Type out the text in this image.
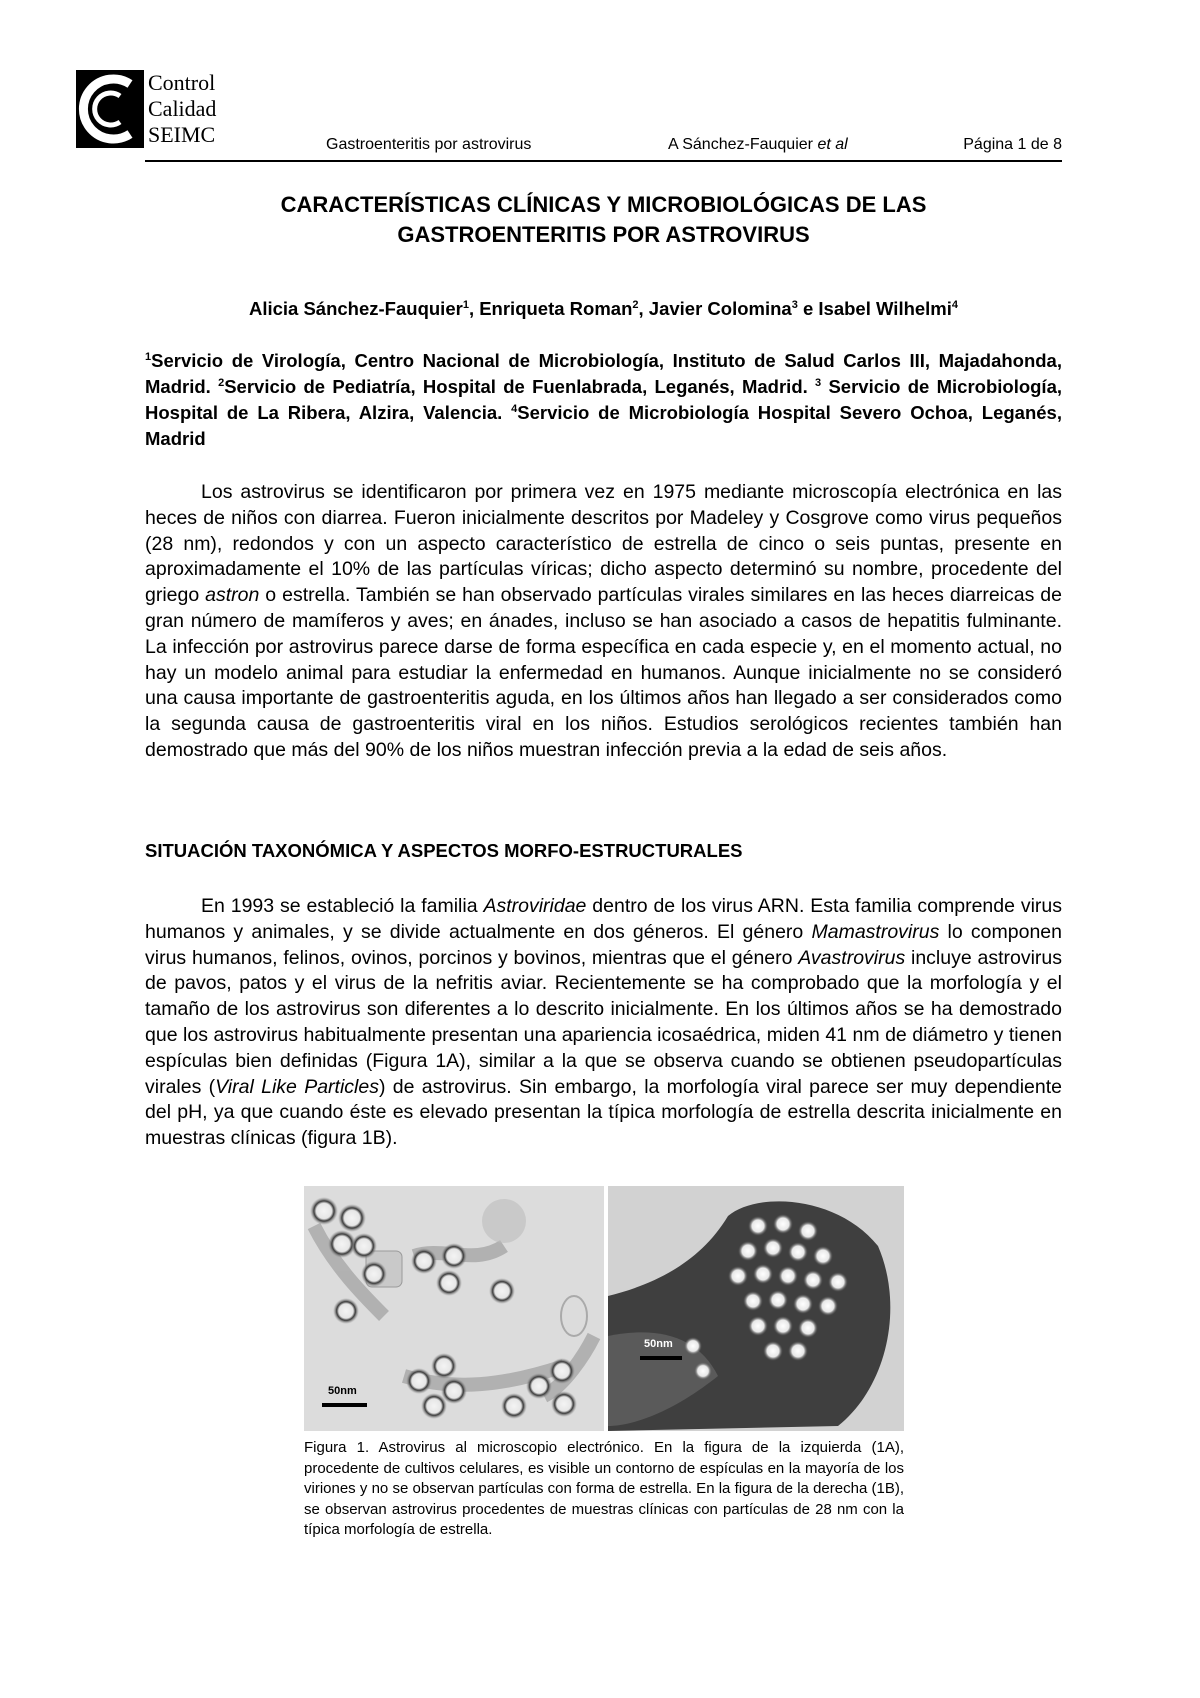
Control
Calidad
SEIMC	Gastroenteritis por astrovirus	A Sánchez-Fauquier et al	Página 1 de 8
CARACTERÍSTICAS CLÍNICAS Y MICROBIOLÓGICAS DE LAS
GASTROENTERITIS POR ASTROVIRUS
Alicia Sánchez-Fauquier$^1$, Enriqueta Roman$^2$, Javier Colomina$^3$ e Isabel Wilhelmi$^4$
$^1$Servicio de Virología, Centro Nacional de Microbiología, Instituto de Salud Carlos III, Majadahonda, Madrid. $^2$Servicio de Pediatría, Hospital de Fuenlabrada, Leganés, Madrid. $^3$ Servicio de Microbiología, Hospital de La Ribera, Alzira, Valencia. $^4$Servicio de Microbiología Hospital Severo Ochoa, Leganés, Madrid
Los astrovirus se identificaron por primera vez en 1975 mediante microscopía electrónica en las heces de niños con diarrea. Fueron inicialmente descritos por Madeley y Cosgrove como virus pequeños (28 nm), redondos y con un aspecto característico de estrella de cinco o seis puntas, presente en aproximadamente el 10% de las partículas víricas; dicho aspecto determinó su nombre, procedente del griego astron o estrella. También se han observado partículas virales similares en las heces diarreicas de gran número de mamíferos y aves; en ánades, incluso se han asociado a casos de hepatitis fulminante. La infección por astrovirus parece darse de forma específica en cada especie y, en el momento actual, no hay un modelo animal para estudiar la enfermedad en humanos. Aunque inicialmente no se consideró una causa importante de gastroenteritis aguda, en los últimos años han llegado a ser considerados como la segunda causa de gastroenteritis viral en los niños. Estudios serológicos recientes también han demostrado que más del 90% de los niños muestran infección previa a la edad de seis años.
SITUACIÓN TAXONÓMICA Y ASPECTOS MORFO-ESTRUCTURALES
En 1993 se estableció la familia Astroviridae dentro de los virus ARN. Esta familia comprende virus humanos y animales, y se divide actualmente en dos géneros. El género Mamastrovirus lo componen virus humanos, felinos, ovinos, porcinos y bovinos, mientras que el género Avastrovirus incluye astrovirus de pavos, patos y el virus de la nefritis aviar. Recientemente se ha comprobado que la morfología y el tamaño de los astrovirus son diferentes a lo descrito inicialmente. En los últimos años se ha demostrado que los astrovirus habitualmente presentan una apariencia icosaédrica, miden 41 nm de diámetro y tienen espículas bien definidas (Figura 1A), similar a la que se observa cuando se obtienen pseudopartículas virales (Viral Like Particles) de astrovirus. Sin embargo, la morfología viral parece ser muy dependiente del pH, ya que cuando éste es elevado presentan la típica morfología de estrella descrita inicialmente en muestras clínicas (figura 1B).
50nm
50nm
Figura 1. Astrovirus al microscopio electrónico. En la figura de la izquierda (1A), procedente de cultivos celulares, es visible un contorno de espículas en la mayoría de los viriones y no se observan partículas con forma de estrella. En la figura de la derecha (1B), se observan astrovirus procedentes de muestras clínicas con partículas de 28 nm con la típica morfología de estrella.
